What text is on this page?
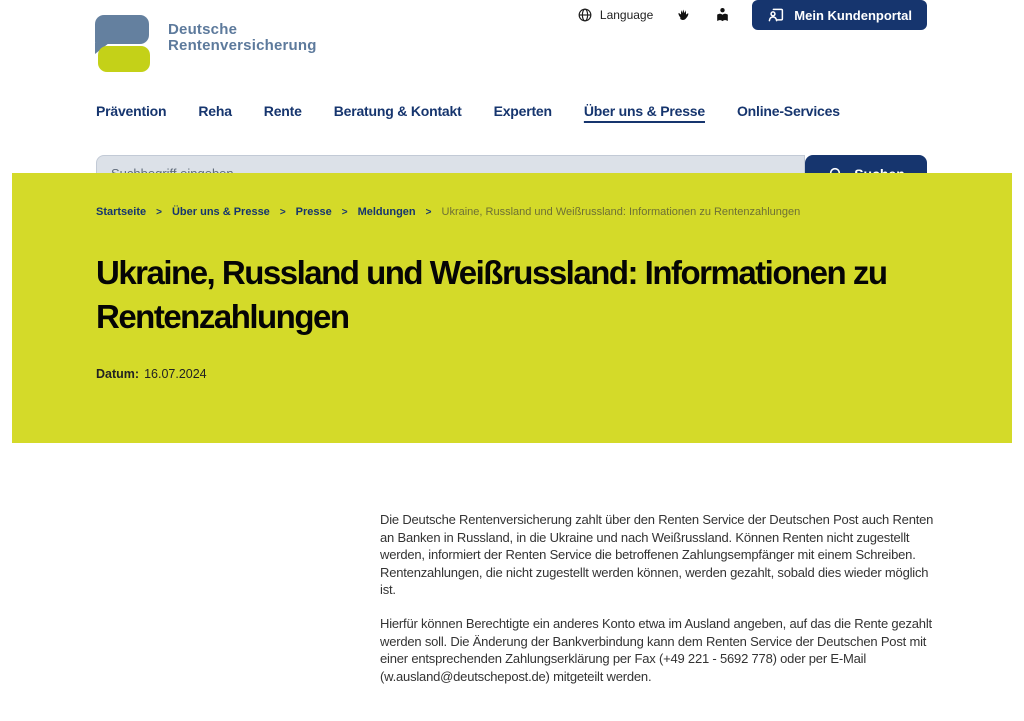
Deutsche
Rentenversicherung
Language	Mein Kundenportal
Prävention Reha Rente Beratung & Kontakt Experten Über uns & Presse Online-Services
Suchbegriff eingeben
Startseite > Über uns & Presse > Presse > Meldungen > Ukraine, Russland und Weißrussland: Informationen zu Rentenzahlungen
Ukraine, Russland und Weißrussland: Informationen zu Rentenzahlungen

Datum: 16.07.2024

Die Deutsche Rentenversicherung zahlt über den Renten Service der Deutschen Post auch Renten an Banken in Russland, in die Ukraine und nach Weißrussland. Können Renten nicht zugestellt werden, informiert der Renten Service die betroffenen Zahlungsempfänger mit einem Schreiben. Rentenzahlungen, die nicht zugestellt werden können, werden gezahlt, sobald dies wieder möglich ist.

Hierfür können Berechtigte ein anderes Konto etwa im Ausland angeben, auf das die Rente gezahlt werden soll. Die Änderung der Bankverbindung kann dem Renten Service der Deutschen Post mit einer entsprechenden Zahlungserklärung per Fax (+49 221 - 5692 778) oder per E-Mail (w.ausland@deutschepost.de) mitgeteilt werden.
